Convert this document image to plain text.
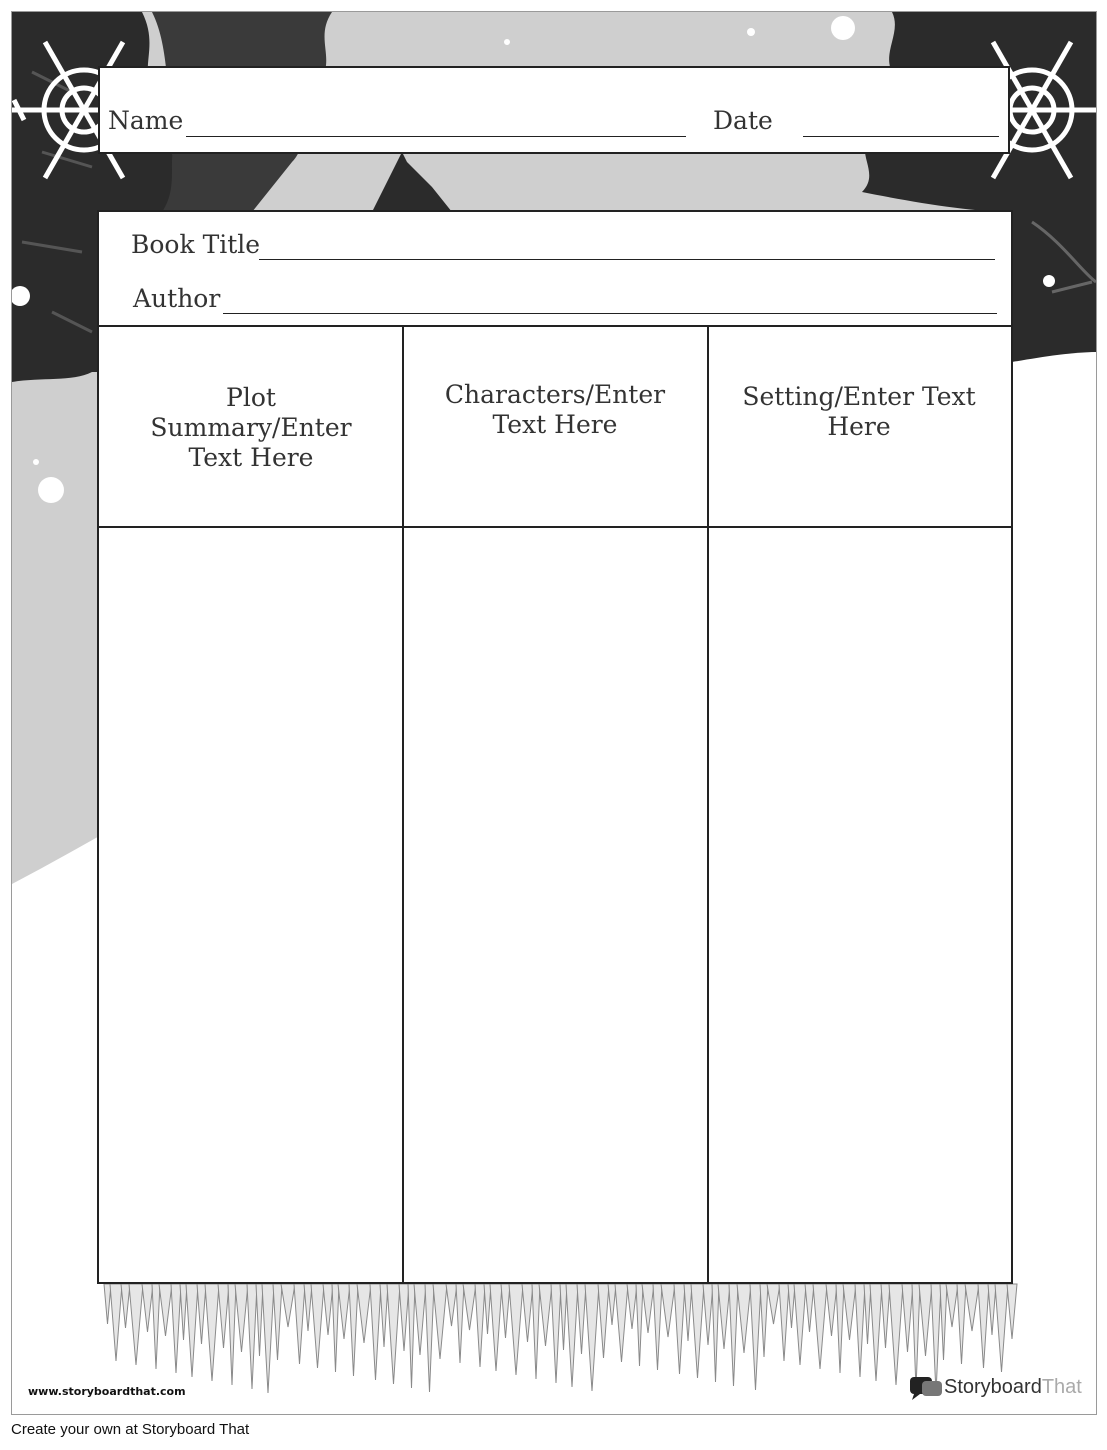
Name	Date
Book Title
Author
Plot Summary/Enter Text Here
Characters/Enter Text Here
Setting/Enter Text Here
www.storyboardthat.com	Storyboard That
Create your own at Storyboard That
